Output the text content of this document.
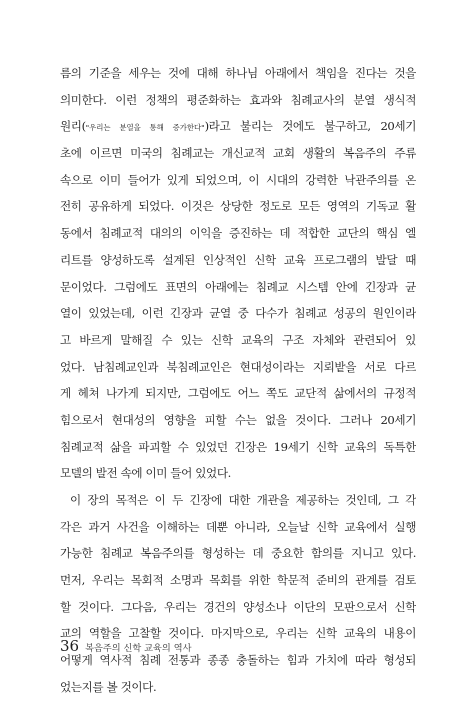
름의 기준을 세우는 것에 대해 하나님 아래에서 책임을 진다는 것을
의미한다. 이런 정책의 평준화하는 효과와 침례교사의 분열 생식적
원리("우리는 분열을 통해 증가한다")라고 불리는 것에도 불구하고, 20세기
초에 이르면 미국의 침례교는 개신교적 교회 생활의 복음주의 주류
속으로 이미 들어가 있게 되었으며, 이 시대의 강력한 낙관주의를 온
전히 공유하게 되었다. 이것은 상당한 정도로 모든 영역의 기독교 활
동에서 침례교적 대의의 이익을 증진하는 데 적합한 교단의 핵심 엘
리트를 양성하도록 설계된 인상적인 신학 교육 프로그램의 발달 때
문이었다. 그럼에도 표면의 아래에는 침례교 시스템 안에 긴장과 균
열이 있었는데, 이런 긴장과 균열 중 다수가 침례교 성공의 원인이라
고 바르게 말해질 수 있는 신학 교육의 구조 자체와 관련되어 있
었다. 남침례교인과 북침례교인은 현대성이라는 지뢰밭을 서로 다르
게 헤쳐 나가게 되지만, 그럼에도 어느 쪽도 교단적 삶에서의 규정적
힘으로서 현대성의 영향을 피할 수는 없을 것이다. 그러나 20세기
침례교적 삶을 파괴할 수 있었던 긴장은 19세기 신학 교육의 독특한
모델의 발전 속에 이미 들어 있었다.
이 장의 목적은 이 두 긴장에 대한 개관을 제공하는 것인데, 그 각
각은 과거 사건을 이해하는 데뿐 아니라, 오늘날 신학 교육에서 실행
가능한 침례교 복음주의를 형성하는 데 중요한 함의를 지니고 있다.
먼저, 우리는 목회적 소명과 목회를 위한 학문적 준비의 관계를 검토
할 것이다. 그다음, 우리는 경건의 양성소나 이단의 모판으로서 신학
교의 역할을 고찰할 것이다. 마지막으로, 우리는 신학 교육의 내용이
어떻게 역사적 침례 전통과 종종 충돌하는 힘과 가치에 따라 형성되
었는지를 볼 것이다.
36 복음주의 신학 교육의 역사
